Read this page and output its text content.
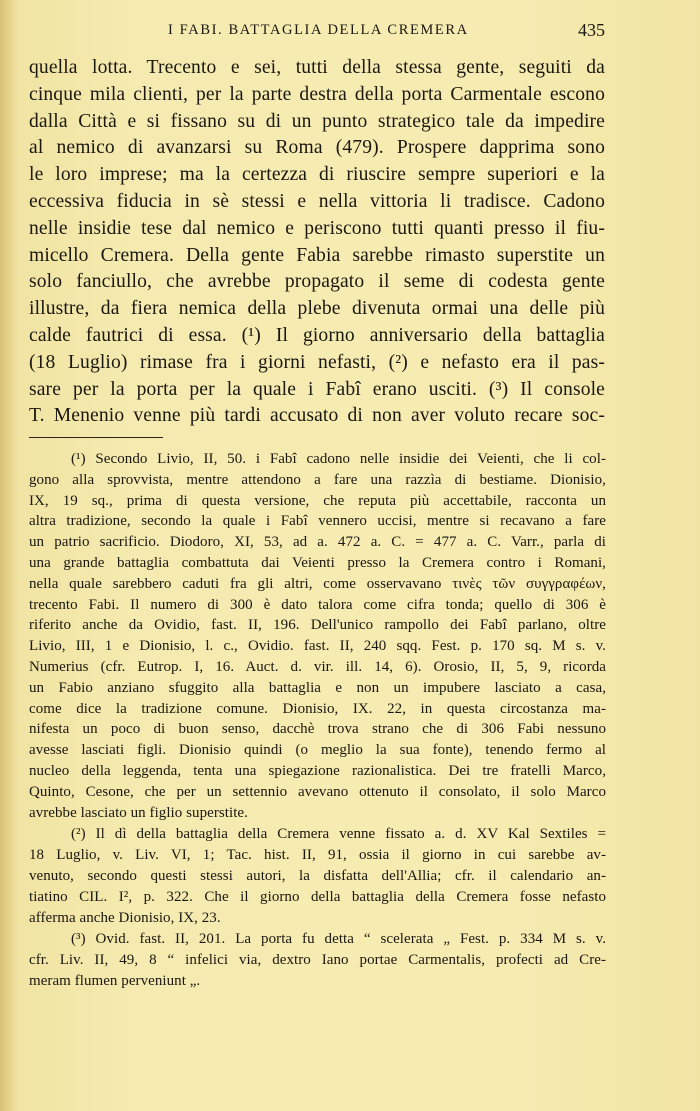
I FABI. BATTAGLIA DELLA CREMERA	435
quella lotta. Trecento e sei, tutti della stessa gente, seguiti da
cinque mila clienti, per la parte destra della porta Carmentale escono
dalla Città e si fissano su di un punto strategico tale da impedire
al nemico di avanzarsi su Roma (479). Prospere dapprima sono
le loro imprese; ma la certezza di riuscire sempre superiori e la
eccessiva fiducia in sè stessi e nella vittoria li tradisce. Cadono
nelle insidie tese dal nemico e periscono tutti quanti presso il fiu-
micello Cremera. Della gente Fabia sarebbe rimasto superstite un
solo fanciullo, che avrebbe propagato il seme di codesta gente
illustre, da fiera nemica della plebe divenuta ormai una delle più
calde fautrici di essa. (¹) Il giorno anniversario della battaglia
(18 Luglio) rimase fra i giorni nefasti, (²) e nefasto era il pas-
sare per la porta per la quale i Fabî erano usciti. (³) Il console
T. Menenio venne più tardi accusato di non aver voluto recare soc-
(¹) Secondo Livio, II, 50. i Fabî cadono nelle insidie dei Veienti, che li col-
gono alla sprovvista, mentre attendono a fare una razzìa di bestiame. Dionisio,
IX, 19 sq., prima di questa versione, che reputa più accettabile, racconta un
altra tradizione, secondo la quale i Fabî vennero uccisi, mentre si recavano a fare
un patrio sacrificio. Diodoro, XI, 53, ad a. 472 a. C. = 477 a. C. Varr., parla di
una grande battaglia combattuta dai Veienti presso la Cremera contro i Romani,
nella quale sarebbero caduti fra gli altri, come osservavano τινὲς τῶν συγγραφέων,
trecento Fabi. Il numero di 300 è dato talora come cifra tonda; quello di 306 è
riferito anche da Ovidio, fast. II, 196. Dell'unico rampollo dei Fabî parlano, oltre
Livio, III, 1 e Dionisio, l. c., Ovidio. fast. II, 240 sqq. Fest. p. 170 sq. M s. v.
Numerius (cfr. Eutrop. I, 16. Auct. d. vir. ill. 14, 6). Orosio, II, 5, 9, ricorda
un Fabio anziano sfuggito alla battaglia e non un impubere lasciato a casa,
come dice la tradizione comune. Dionisio, IX. 22, in questa circostanza ma-
nifesta un poco di buon senso, dacchè trova strano che di 306 Fabi nessuno
avesse lasciati figli. Dionisio quindi (o meglio la sua fonte), tenendo fermo al
nucleo della leggenda, tenta una spiegazione razionalistica. Dei tre fratelli Marco,
Quinto, Cesone, che per un settennio avevano ottenuto il consolato, il solo Marco
avrebbe lasciato un figlio superstite.
(²) Il dì della battaglia della Cremera venne fissato a. d. XV Kal Sextiles =
18 Luglio, v. Liv. VI, 1; Tac. hist. II, 91, ossia il giorno in cui sarebbe av-
venuto, secondo questi stessi autori, la disfatta dell'Allia; cfr. il calendario an-
tiatino CIL. I², p. 322. Che il giorno della battaglia della Cremera fosse nefasto
afferma anche Dionisio, IX, 23.
(³) Ovid. fast. II, 201. La porta fu detta “ scelerata „ Fest. p. 334 M s. v.
cfr. Liv. II, 49, 8 “ infelici via, dextro Iano portae Carmentalis, profecti ad Cre-
meram flumen perveniunt „.
